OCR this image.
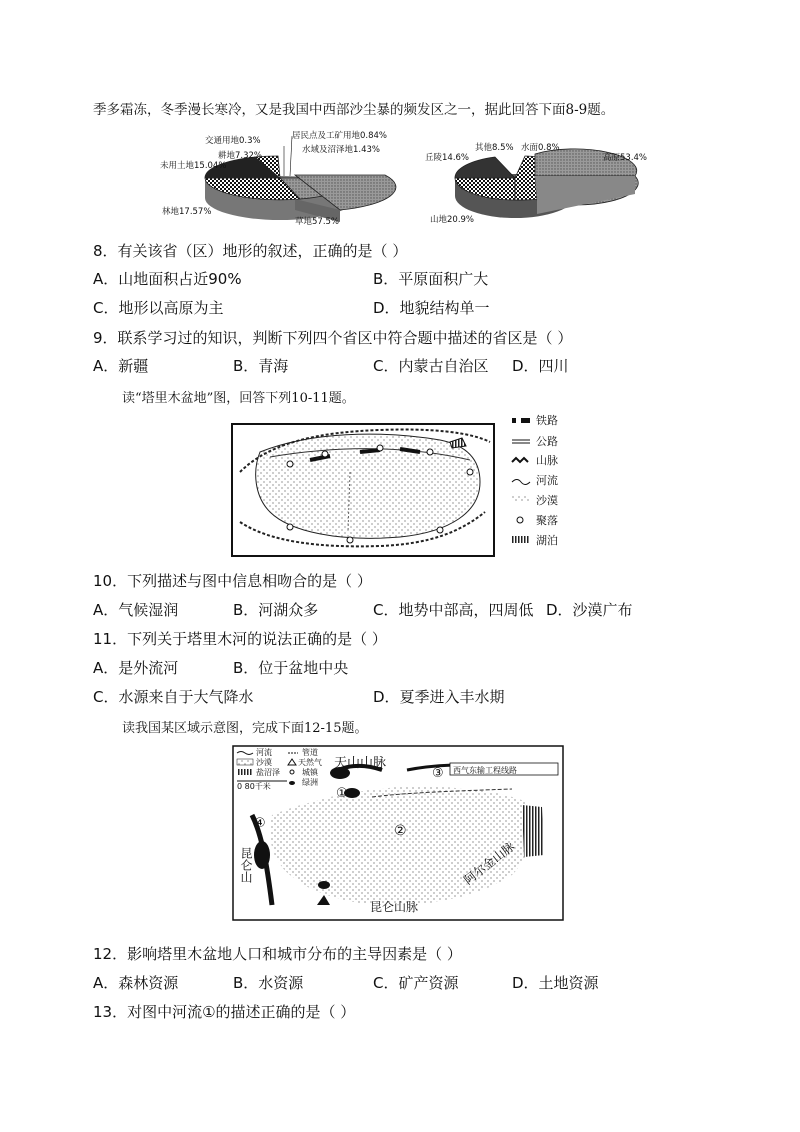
季多霜冻，冬季漫长寒冷，又是我国中西部沙尘暴的频发区之一，据此回答下面8-9题。
交通用地0.3%	居民点及工矿用地0.84%
耕地7.32%
水域及沼泽地1.43%
未用土地15.04%
林地17.57%
草地57.5%
丘陵14.6%
其他8.5% 水面0.8%
高原53.4%
山地20.9%
8．有关该省（区）地形的叙述，正确的是（ ）
A．山地面积占近90%	B．平原面积广大
C．地形以高原为主	D．地貌结构单一
9．联系学习过的知识，判断下列四个省区中符合题中描述的省区是（ ）
A．新疆	B．青海	C．内蒙古自治区 D．四川
读“塔里木盆地”图，回答下列10-11题。
铁路
公路
山脉
河流
沙漠
聚落
湖泊
10．下列描述与图中信息相吻合的是（ ）
A．气候湿润	B．河湖众多	C．地势中部高，四周低 D．沙漠广布
11．下列关于塔里木河的说法正确的是（ ）
A．是外流河	B．位于盆地中央
C．水源来自于大气降水	D．夏季进入丰水期
读我国某区域示意图，完成下面12-15题。
河流
沙漠
盐沼泽
0 80千米
管道
天然气
城镇
绿洲
天山山脉	西气东输工程线路
昆仑山脉
阿尔金山脉
昆仑山
①
②
③
④
12．影响塔里木盆地人口和城市分布的主导因素是（ ）
A．森林资源	B．水资源	C．矿产资源	D．土地资源
13．对图中河流①的描述正确的是（ ）
